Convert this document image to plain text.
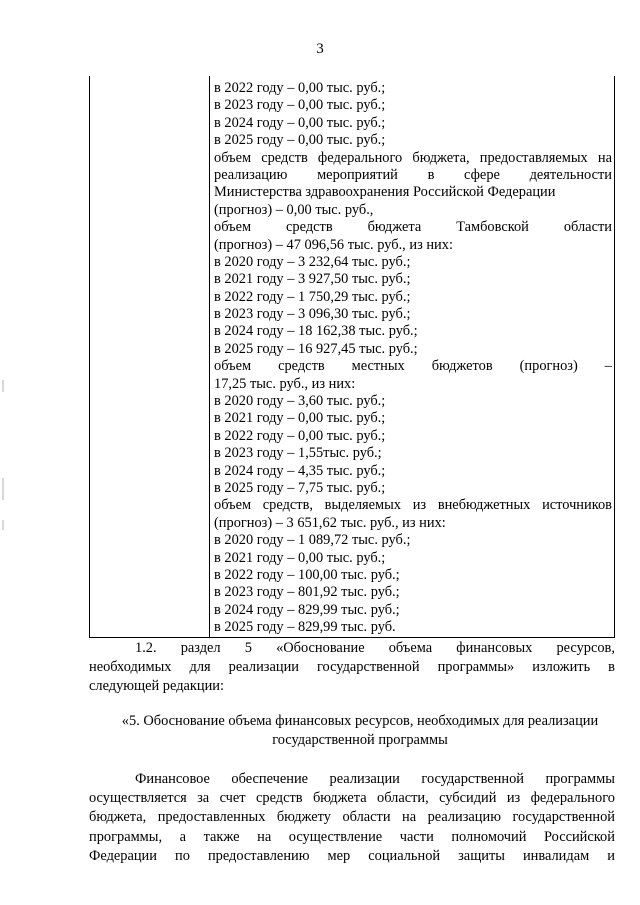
3
в 2022 году – 0,00 тыс. руб.;
в 2023 году – 0,00 тыс. руб.;
в 2024 году – 0,00 тыс. руб.;
в 2025 году – 0,00 тыс. руб.;
объем средств федерального бюджета, предоставляемых на
реализацию мероприятий в сфере деятельности
Министерства здравоохранения Российской Федерации
(прогноз) – 0,00 тыс. руб.,
объем средств бюджета Тамбовской области
(прогноз) – 47 096,56 тыс. руб., из них:
в 2020 году – 3 232,64 тыс. руб.;
в 2021 году – 3 927,50 тыс. руб.;
в 2022 году – 1 750,29 тыс. руб.;
в 2023 году – 3 096,30 тыс. руб.;
в 2024 году – 18 162,38 тыс. руб.;
в 2025 году – 16 927,45 тыс. руб.;
объем средств местных бюджетов (прогноз) –
17,25 тыс. руб., из них:
в 2020 году – 3,60 тыс. руб.;
в 2021 году – 0,00 тыс. руб.;
в 2022 году – 0,00 тыс. руб.;
в 2023 году – 1,55тыс. руб.;
в 2024 году – 4,35 тыс. руб.;
в 2025 году – 7,75 тыс. руб.;
объем средств, выделяемых из внебюджетных источников
(прогноз) – 3 651,62 тыс. руб., из них:
в 2020 году – 1 089,72 тыс. руб.;
в 2021 году – 0,00 тыс. руб.;
в 2022 году – 100,00 тыс. руб.;
в 2023 году – 801,92 тыс. руб.;
в 2024 году – 829,99 тыс. руб.;
в 2025 году – 829,99 тыс. руб.
1.2. раздел 5 «Обоснование объема финансовых ресурсов,
необходимых для реализации государственной программы» изложить в
следующей редакции:
«5. Обоснование объема финансовых ресурсов, необходимых для реализации
государственной программы
Финансовое обеспечение реализации государственной программы
осуществляется за счет средств бюджета области, субсидий из федерального
бюджета, предоставленных бюджету области на реализацию государственной
программы, а также на осуществление части полномочий Российской
Федерации по предоставлению мер социальной защиты инвалидам и
